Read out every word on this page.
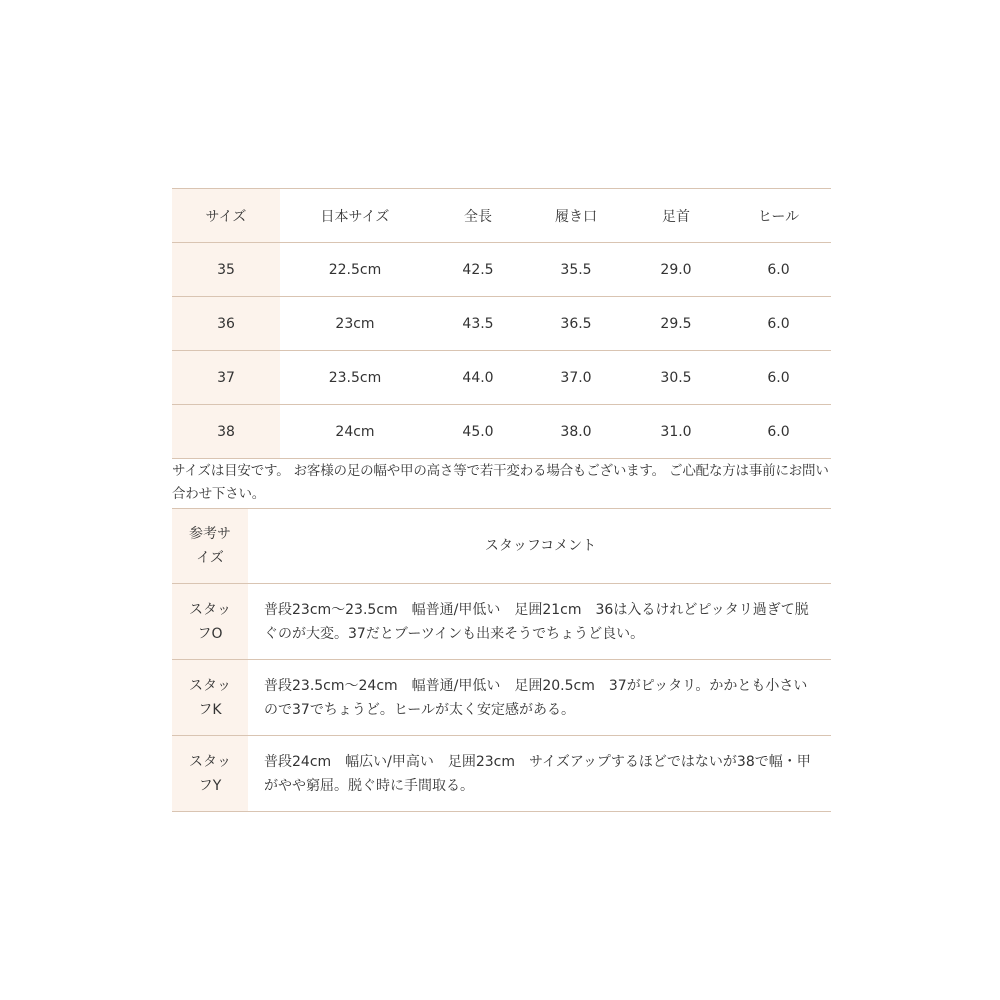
サイズ	日本サイズ	全長	履き口	足首	ヒール
35	22.5cm	42.5	35.5	29.0	6.0
36	23cm	43.5	36.5	29.5	6.0
37	23.5cm	44.0	37.0	30.5	6.0
38	24cm	45.0	38.0	31.0	6.0
サイズは目安です。 お客様の足の幅や甲の高さ等で若干変わる場合もございます。 ご心配な方は事前にお問い合わせ下さい。
参考サ
イズ	スタッフコメント

スタッ
フO	普段23cm～23.5cm　幅普通/甲低い　足囲21cm　36は入るけれどピッタリ過ぎて脱ぐのが大変。37だとブーツインも出来そうでちょうど良い。

スタッ
フK	普段23.5cm～24cm　幅普通/甲低い　足囲20.5cm　37がピッタリ。かかとも小さいので37でちょうど。ヒールが太く安定感がある。

スタッ
フY	普段24cm　幅広い/甲高い　足囲23cm　サイズアップするほどではないが38で幅・甲がやや窮屈。脱ぐ時に手間取る。
